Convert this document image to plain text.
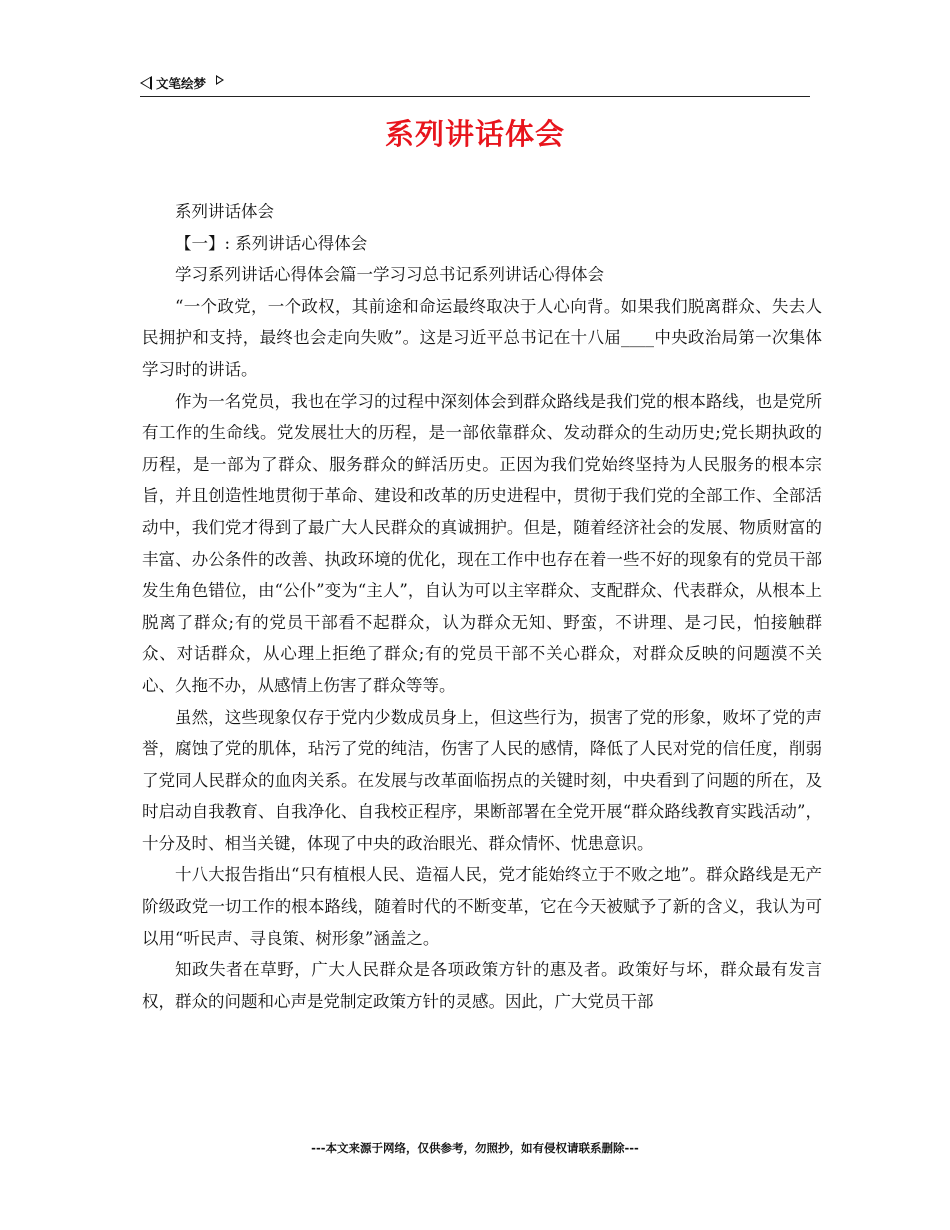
文笔绘梦
系列讲话体会

系列讲话体会

【一】: 系列讲话心得体会

学习系列讲话心得体会篇一学习习总书记系列讲话心得体会

“一个政党，一个政权，其前途和命运最终取决于人心向背。如果我们脱离群众、失去人民拥护和支持，最终也会走向失败”。这是习近平总书记在十八届____中央政治局第一次集体学习时的讲话。

作为一名党员，我也在学习的过程中深刻体会到群众路线是我们党的根本路线，也是党所有工作的生命线。党发展壮大的历程，是一部依靠群众、发动群众的生动历史;党长期执政的历程，是一部为了群众、服务群众的鲜活历史。正因为我们党始终坚持为人民服务的根本宗旨，并且创造性地贯彻于革命、建设和改革的历史进程中，贯彻于我们党的全部工作、全部活动中，我们党才得到了最广大人民群众的真诚拥护。但是，随着经济社会的发展、物质财富的丰富、办公条件的改善、执政环境的优化，现在工作中也存在着一些不好的现象有的党员干部发生角色错位，由“公仆”变为“主人”，自认为可以主宰群众、支配群众、代表群众，从根本上脱离了群众;有的党员干部看不起群众，认为群众无知、野蛮，不讲理、是刁民，怕接触群众、对话群众，从心理上拒绝了群众;有的党员干部不关心群众，对群众反映的问题漠不关心、久拖不办，从感情上伤害了群众等等。

虽然，这些现象仅存于党内少数成员身上，但这些行为，损害了党的形象，败坏了党的声誉，腐蚀了党的肌体，玷污了党的纯洁，伤害了人民的感情，降低了人民对党的信任度，削弱了党同人民群众的血肉关系。在发展与改革面临拐点的关键时刻，中央看到了问题的所在，及时启动自我教育、自我净化、自我校正程序，果断部署在全党开展“群众路线教育实践活动”，十分及时、相当关键，体现了中央的政治眼光、群众情怀、忧患意识。

十八大报告指出“只有植根人民、造福人民，党才能始终立于不败之地”。群众路线是无产阶级政党一切工作的根本路线，随着时代的不断变革，它在今天被赋予了新的含义，我认为可以用“听民声、寻良策、树形象”涵盖之。

知政失者在草野，广大人民群众是各项政策方针的惠及者。政策好与坏，群众最有发言权，群众的问题和心声是党制定政策方针的灵感。因此，广大党员干部

---本文来源于网络，仅供参考，勿照抄，如有侵权请联系删除---
